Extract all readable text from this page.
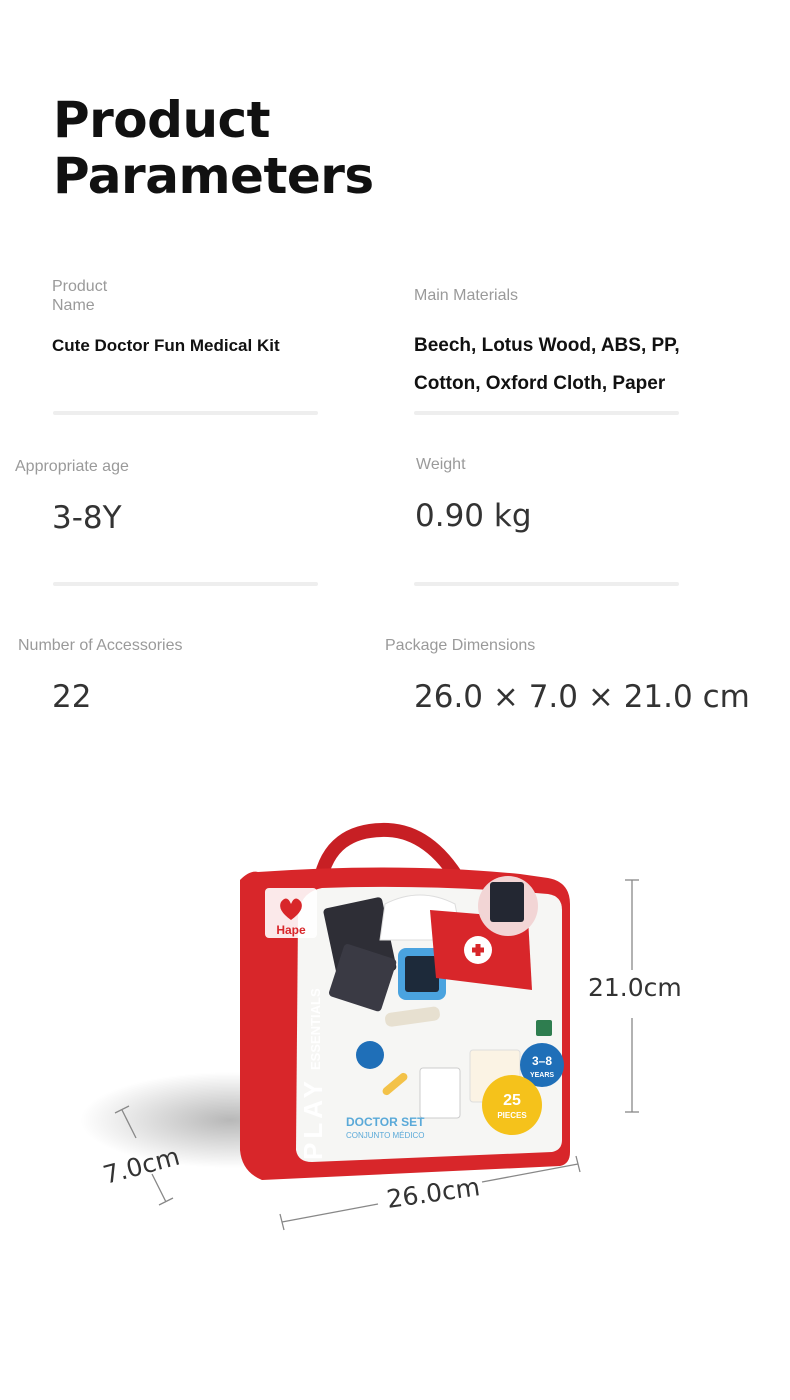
Product
Parameters
Product
Name
Cute Doctor Fun Medical Kit
Main Materials
Beech, Lotus Wood, ABS, PP,
Cotton, Oxford Cloth, Paper
Appropriate age
3-8Y
Weight
0.90 kg
Number of Accessories
22
Package Dimensions
26.0 × 7.0 × 21.0 cm
Hape
PLAY
ESSENTIALS	3–8
YEARS
25
PIECES
DOCTOR SET
CONJUNTO MÉDICO
21.0cm
7.0cm
26.0cm
